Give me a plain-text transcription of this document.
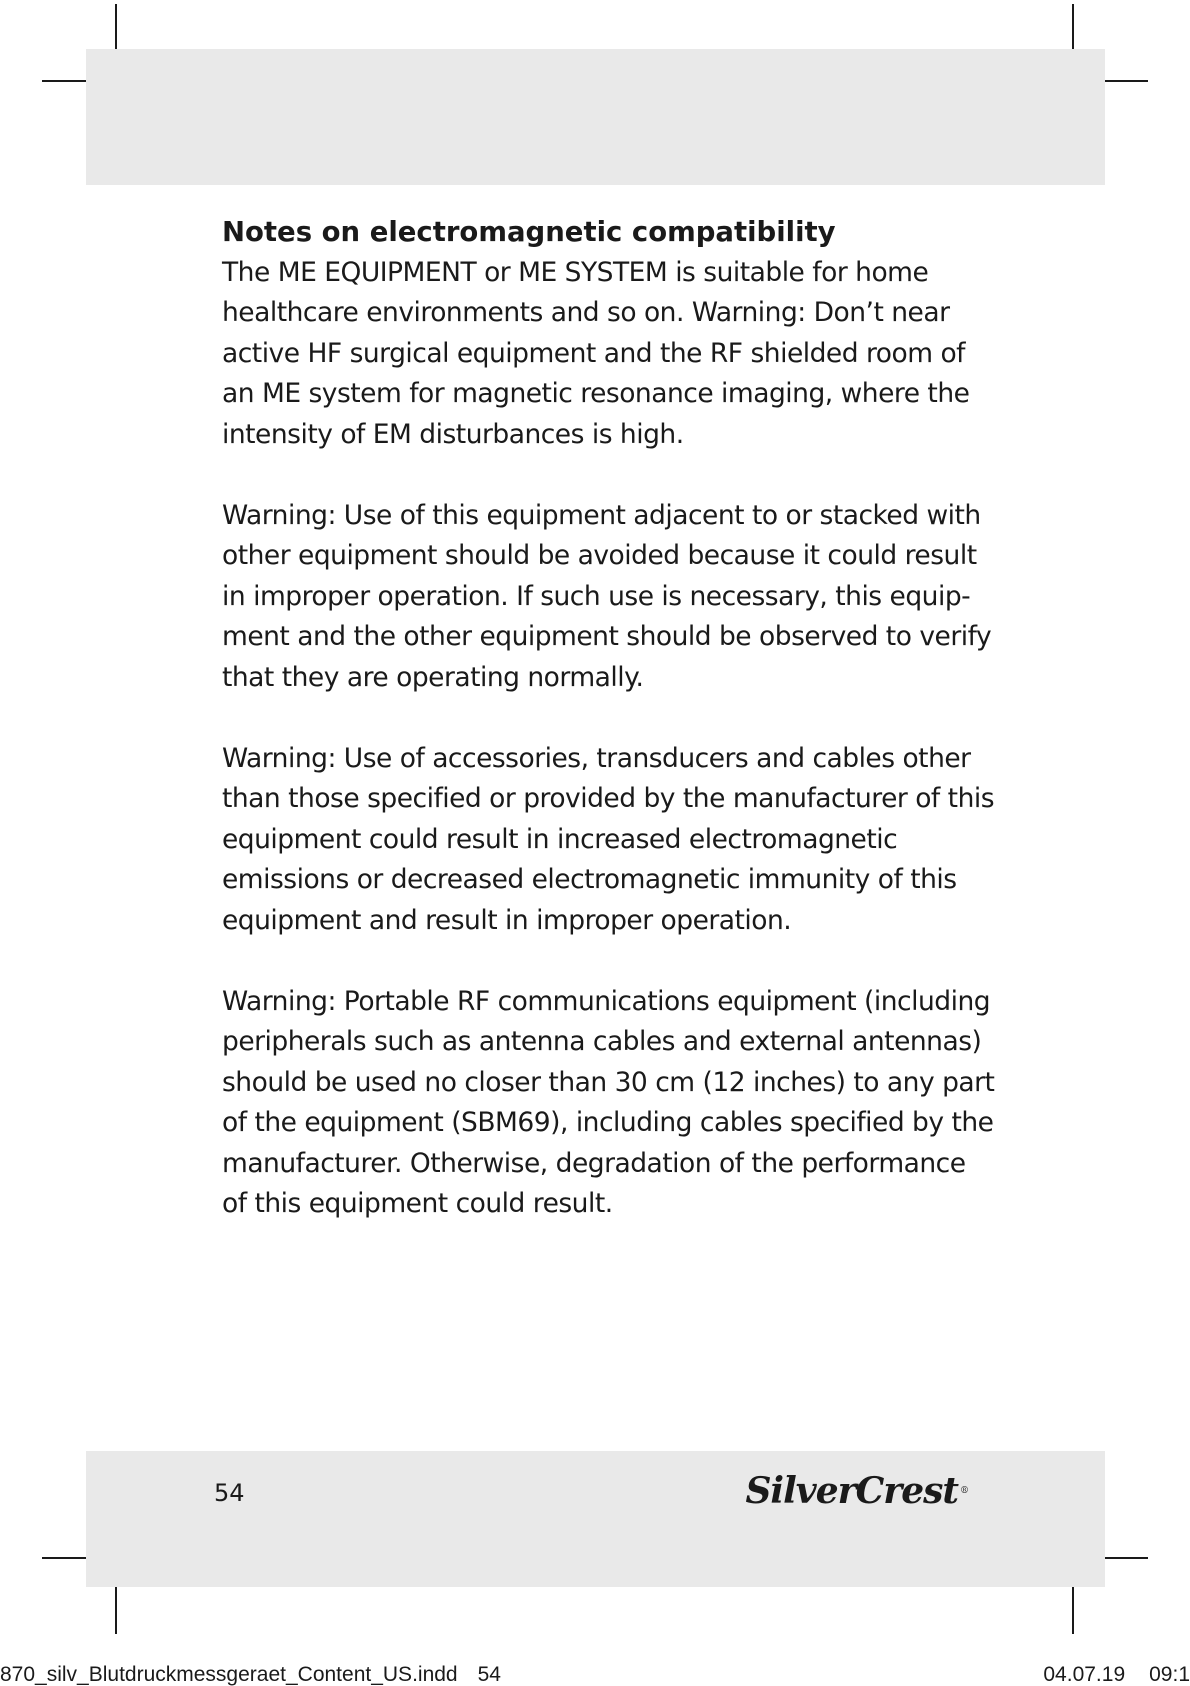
Notes on electromagnetic compatibility

The ME EQUIPMENT or ME SYSTEM is suitable for home healthcare environments and so on. Warning: Don’t near active HF surgical equipment and the RF shielded room of an ME system for magnetic resonance imaging, where the intensity of EM disturbances is high.

Warning: Use of this equipment adjacent to or stacked with other equipment should be avoided because it could result in improper operation. If such use is necessary, this equipment and the other equipment should be observed to verify that they are operating normally.

Warning: Use of accessories, transducers and cables other than those specified or provided by the manufacturer of this equipment could result in increased electromagnetic emissions or decreased electromagnetic immunity of this equipment and result in improper operation.

Warning: Portable RF communications equipment (including peripherals such as antenna cables and external antennas) should be used no closer than 30 cm (12 inches) to any part of the equipment (SBM69), including cables specified by the manufacturer. Otherwise, degradation of the performance of this equipment could result.

54	SilverCrest ®
870_silv_Blutdruckmessgeraet_Content_US.indd 54	04.07.19 09:1
